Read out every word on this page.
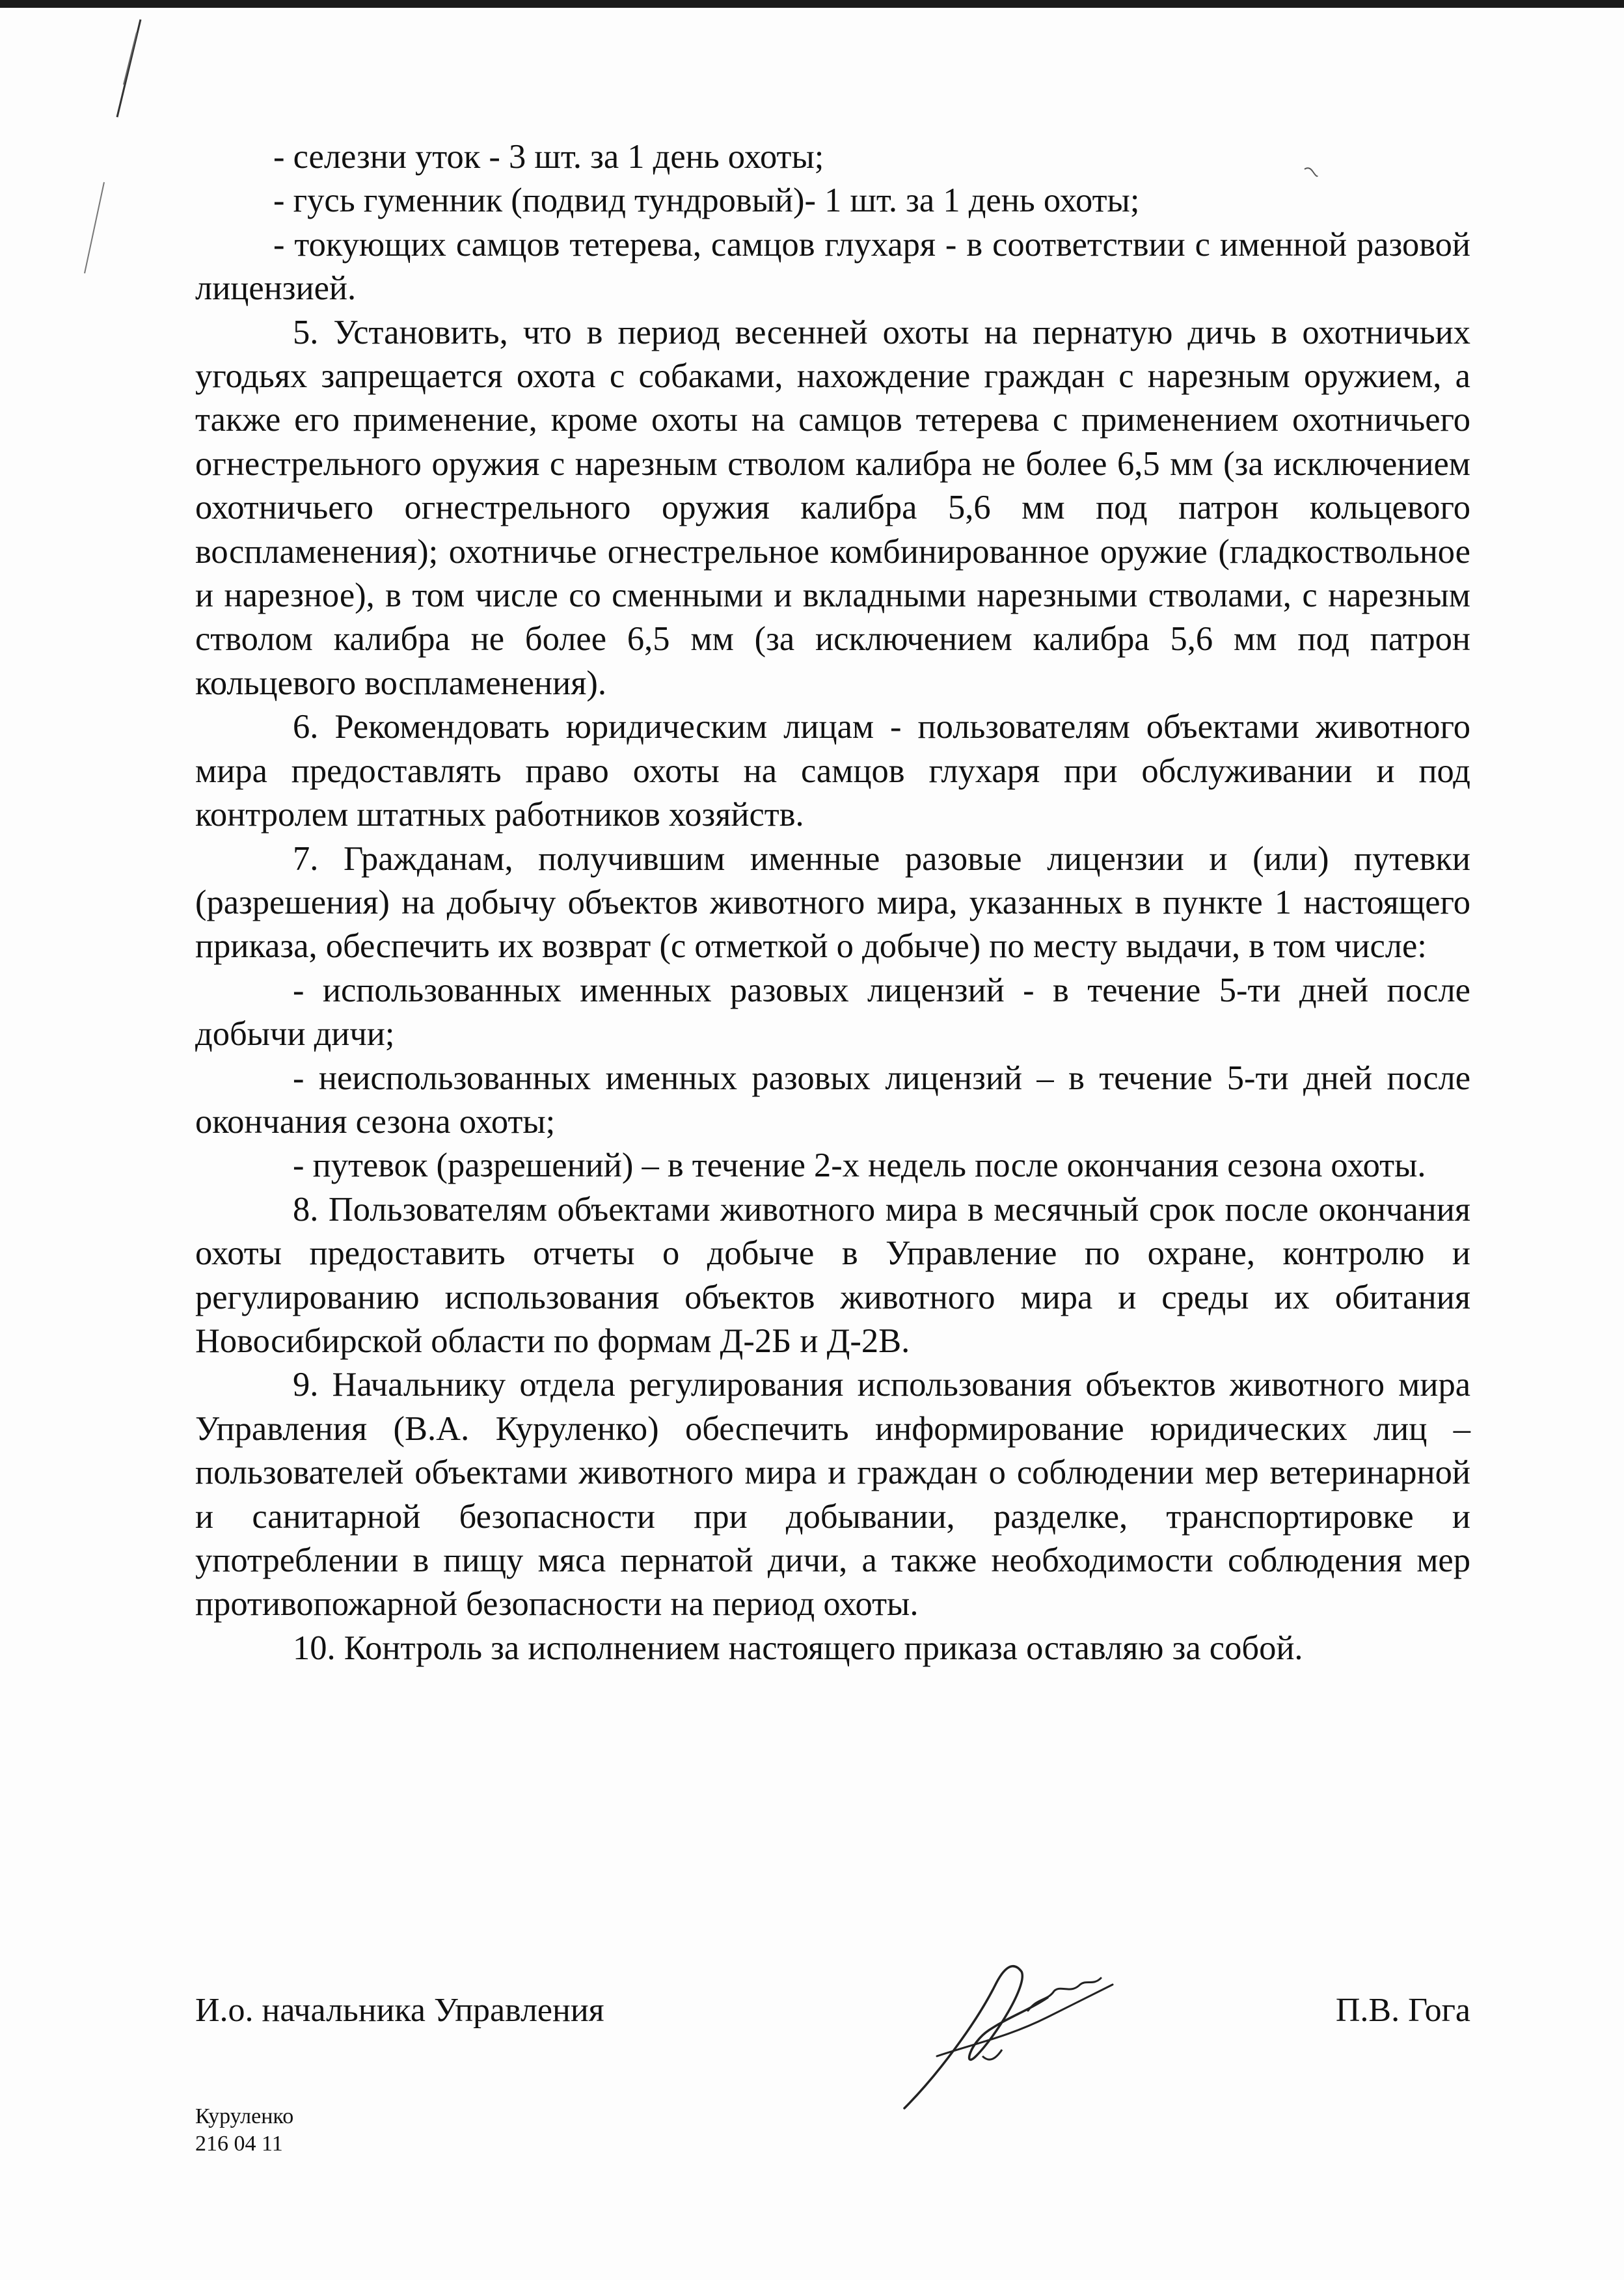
- селезни уток - 3 шт. за 1 день охоты;

- гусь гуменник (подвид тундровый)- 1 шт. за 1 день охоты;

- токующих самцов тетерева, самцов глухаря - в соответствии с именной разовой лицензией.

5. Установить, что в период весенней охоты на пернатую дичь в охотничьих угодьях запрещается охота с собаками, нахождение граждан с нарезным оружием, а также его применение, кроме охоты на самцов тетерева с применением охотничьего огнестрельного оружия с нарезным стволом калибра не более 6,5 мм (за исключением охотничьего огнестрельного оружия калибра 5,6 мм под патрон кольцевого воспламенения); охотничье огнестрельное комбинированное оружие (гладкоствольное и нарезное), в том числе со сменными и вкладными нарезными стволами, с нарезным стволом калибра не более 6,5 мм (за исключением калибра 5,6 мм под патрон кольцевого воспламенения).

6. Рекомендовать юридическим лицам - пользователям объектами животного мира предоставлять право охоты на самцов глухаря при обслуживании и под контролем штатных работников хозяйств.

7. Гражданам, получившим именные разовые лицензии и (или) путевки (разрешения) на добычу объектов животного мира, указанных в пункте 1 настоящего приказа, обеспечить их возврат (с отметкой о добыче) по месту выдачи, в том числе:

- использованных именных разовых лицензий - в течение 5-ти дней после добычи дичи;

- неиспользованных именных разовых лицензий – в течение 5-ти дней после окончания сезона охоты;

- путевок (разрешений) – в течение 2-х недель после окончания сезона охоты.

8. Пользователям объектами животного мира в месячный срок после окончания охоты предоставить отчеты о добыче в Управление по охране, контролю и регулированию использования объектов животного мира и среды их обитания Новосибирской области по формам Д-2Б и Д-2В.

9. Начальнику отдела регулирования использования объектов животного мира Управления (В.А. Куруленко) обеспечить информирование юридических лиц – пользователей объектами животного мира и граждан о соблюдении мер ветеринарной и санитарной безопасности при добывании, разделке, транспортировке и употреблении в пищу мяса пернатой дичи, а также необходимости соблюдения мер противопожарной безопасности на период охоты.

10. Контроль за исполнением настоящего приказа оставляю за собой.

И.о. начальника Управления	П.В. Гога
Куруленко
216 04 11
